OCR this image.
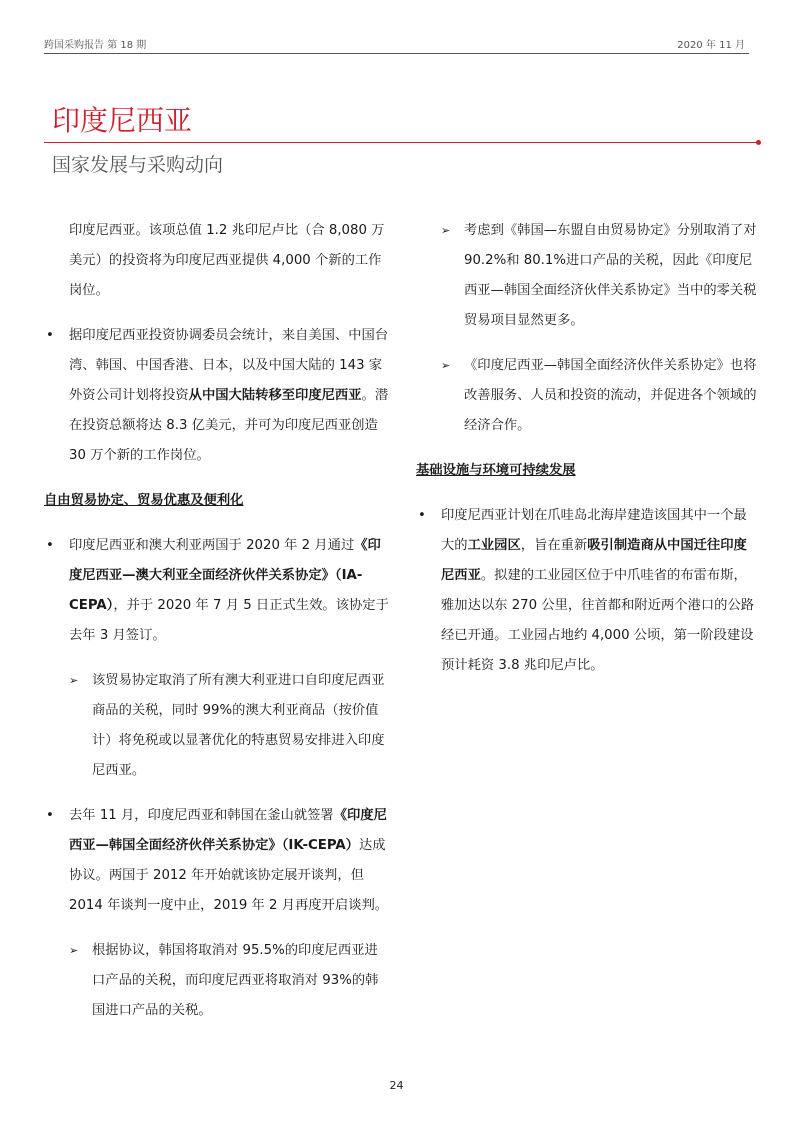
跨国采购报告 第 18 期	2020 年 11 月
印度尼西亚
国家发展与采购动向
印度尼西亚。该项总值 1.2 兆印尼卢比（合 8,080 万美元）的投资将为印度尼西亚提供 4,000 个新的工作岗位。
• 据印度尼西亚投资协调委员会统计，来自美国、中国台湾、韩国、中国香港、日本，以及中国大陆的 143 家外资公司计划将投资从中国大陆转移至印度尼西亚。潜在投资总额将达 8.3 亿美元，并可为印度尼西亚创造 30 万个新的工作岗位。
自由贸易协定、贸易优惠及便利化
• 印度尼西亚和澳大利亚两国于 2020 年 2 月通过《印度尼西亚—澳大利亚全面经济伙伴关系协定》（IA-CEPA），并于 2020 年 7 月 5 日正式生效。该协定于去年 3 月签订。
➢ 该贸易协定取消了所有澳大利亚进口自印度尼西亚商品的关税，同时 99%的澳大利亚商品（按价值计）将免税或以显著优化的特惠贸易安排进入印度尼西亚。
• 去年 11 月，印度尼西亚和韩国在釜山就签署《印度尼西亚—韩国全面经济伙伴关系协定》（IK-CEPA）达成协议。两国于 2012 年开始就该协定展开谈判，但 2014 年谈判一度中止，2019 年 2 月再度开启谈判。
➢ 根据协议，韩国将取消对 95.5%的印度尼西亚进口产品的关税，而印度尼西亚将取消对 93%的韩国进口产品的关税。
➢ 考虑到《韩国—东盟自由贸易协定》分别取消了对 90.2%和 80.1%进口产品的关税，因此《印度尼西亚—韩国全面经济伙伴关系协定》当中的零关税贸易项目显然更多。
➢ 《印度尼西亚—韩国全面经济伙伴关系协定》也将改善服务、人员和投资的流动，并促进各个领域的经济合作。
基础设施与环境可持续发展
• 印度尼西亚计划在爪哇岛北海岸建造该国其中一个最大的工业园区，旨在重新吸引制造商从中国迁往印度尼西亚。拟建的工业园区位于中爪哇省的布雷布斯，雅加达以东 270 公里，往首都和附近两个港口的公路经已开通。工业园占地约 4,000 公顷，第一阶段建设预计耗资 3.8 兆印尼卢比。
24
